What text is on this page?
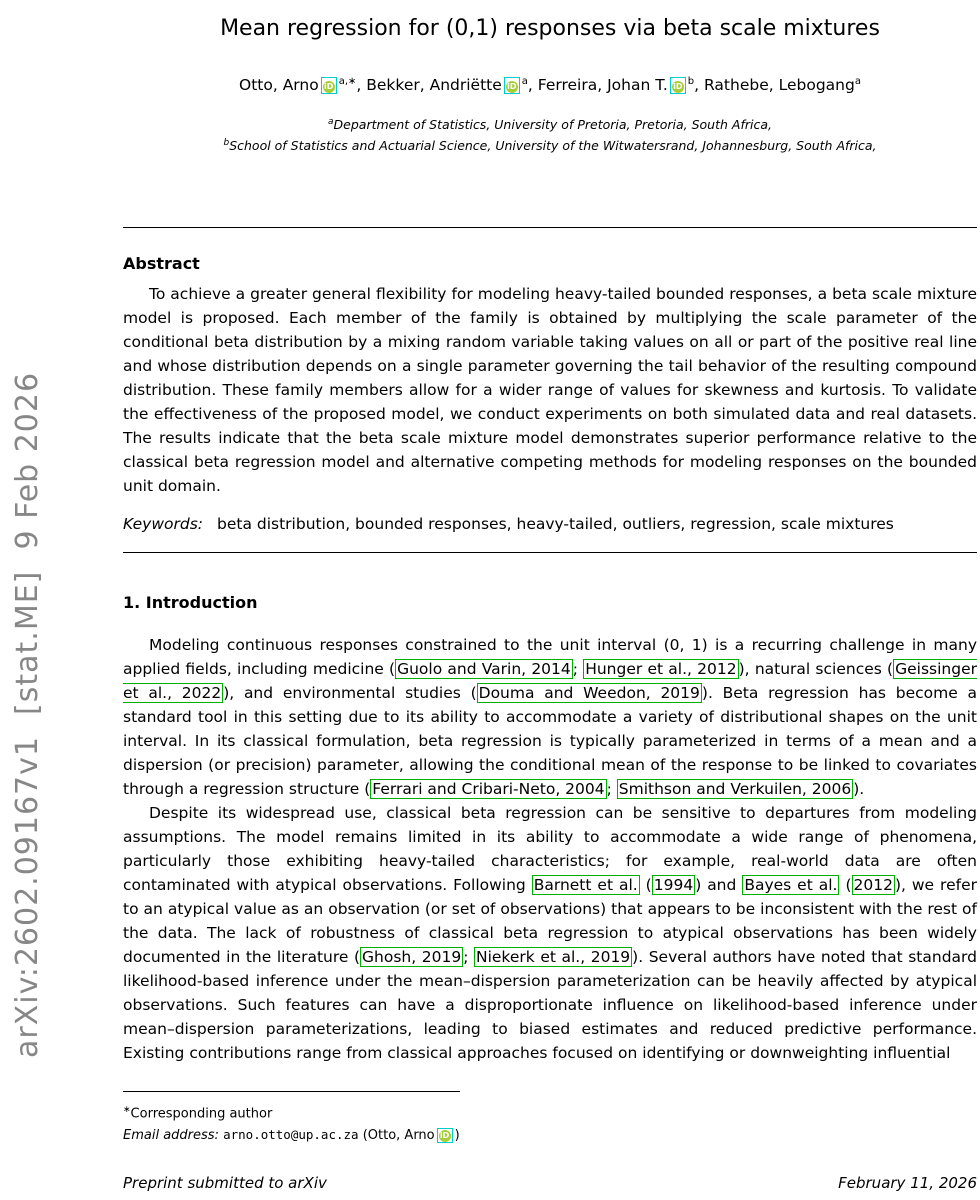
arXiv:2602.09167v1  [stat.ME]  9 Feb 2026
Mean regression for (0,1) responses via beta scale mixtures
Otto, Arno iD $^{a,∗}$, Bekker, Andriëtte iD $^a$, Ferreira, Johan T. iD $^b$, Rathebe, Lebogang$^a$
$^a$Department of Statistics, University of Pretoria, Pretoria, South Africa,
$^b$School of Statistics and Actuarial Science, University of the Witwatersrand, Johannesburg, South Africa,
Abstract

To achieve a greater general flexibility for modeling heavy-tailed bounded responses, a beta scale mixture model is proposed. Each member of the family is obtained by multiplying the scale parameter of the conditional beta distribution by a mixing random variable taking values on all or part of the positive real line and whose distribution depends on a single parameter governing the tail behavior of the resulting compound distribution. These family members allow for a wider range of values for skewness and kurtosis. To validate the effectiveness of the proposed model, we conduct experiments on both simulated data and real datasets. The results indicate that the beta scale mixture model demonstrates superior performance relative to the classical beta regression model and alternative competing methods for modeling responses on the bounded unit domain.

Keywords: beta distribution, bounded responses, heavy-tailed, outliers, regression, scale mixtures

1. Introduction

Modeling continuous responses constrained to the unit interval (0, 1) is a recurring challenge in many applied fields, including medicine ( Guolo and Varin, 2014 ; Hunger et al., 2012 ), natural sciences ( Geissinger et al., 2022 ), and environmental studies ( Douma and Weedon, 2019 ). Beta regression has become a standard tool in this setting due to its ability to accommodate a variety of distributional shapes on the unit interval. In its classical formulation, beta regression is typically parameterized in terms of a mean and a dispersion (or precision) parameter, allowing the conditional mean of the response to be linked to covariates through a regression structure ( Ferrari and Cribari-Neto, 2004 ; Smithson and Verkuilen, 2006 ).

Despite its widespread use, classical beta regression can be sensitive to departures from modeling assumptions. The model remains limited in its ability to accommodate a wide range of phenomena, particularly those exhibiting heavy-tailed characteristics; for example, real-world data are often contaminated with atypical observations. Following Barnett et al. ( 1994 ) and Bayes et al. ( 2012 ), we refer to an atypical value as an observation (or set of observations) that appears to be inconsistent with the rest of the data. The lack of robustness of classical beta regression to atypical observations has been widely documented in the literature ( Ghosh, 2019 ; Niekerk et al., 2019 ). Several authors have noted that standard likelihood-based inference under the mean–dispersion parameterization can be heavily affected by atypical observations. Such features can have a disproportionate influence on likelihood-based inference under mean–dispersion parameterizations, leading to biased estimates and reduced predictive performance. Existing contributions range from classical approaches focused on identifying or downweighting influential

∗Corresponding author
Email address: arno.otto@up.ac.za (Otto, Arno iD )
Preprint submitted to arXiv	February 11, 2026
